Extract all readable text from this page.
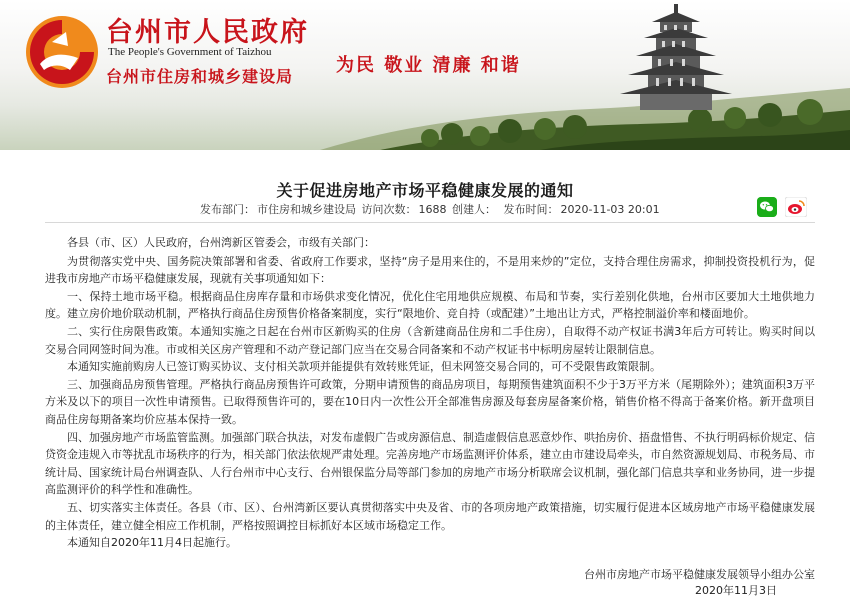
台州市人民政府
The People's Government of Taizhou
台州市住房和城乡建设局
为民 敬业 清廉 和谐
关于促进房地产市场平稳健康发展的通知
发布部门： 市住房和城乡建设局 访问次数： 1688 创建人： 发布时间： 2020-11-03 20:01

各县（市、区）人民政府，台州湾新区管委会，市级有关部门：

为贯彻落实党中央、国务院决策部署和省委、省政府工作要求，坚持“房子是用来住的，不是用来炒的”定位，支持合理住房需求，抑制投资投机行为，促进我市房地产市场平稳健康发展，现就有关事项通知如下：

一、保持土地市场平稳。根据商品住房库存量和市场供求变化情况，优化住宅用地供应规模、布局和节奏，实行差别化供地，台州市区要加大土地供地力度。建立房价地价联动机制，严格执行商品住房预售价格备案制度，实行“限地价、竞自持（或配建）”土地出让方式，严格控制溢价率和楼面地价。

二、实行住房限售政策。本通知实施之日起在台州市区新购买的住房（含新建商品住房和二手住房），自取得不动产权证书满3年后方可转让。购买时间以交易合同网签时间为准。市或相关区房产管理和不动产登记部门应当在交易合同备案和不动产权证书中标明房屋转让限制信息。

本通知实施前购房人已签订购买协议、支付相关款项并能提供有效转账凭证，但未网签交易合同的，可不受限售政策限制。

三、加强商品房预售管理。严格执行商品房预售许可政策，分期申请预售的商品房项目，每期预售建筑面积不少于3万平方米（尾期除外）；建筑面积3万平方米及以下的项目一次性申请预售。已取得预售许可的，要在10日内一次性公开全部准售房源及每套房屋备案价格，销售价格不得高于备案价格。新开盘项目商品住房每期备案均价应基本保持一致。

四、加强房地产市场监管监测。加强部门联合执法，对发布虚假广告或房源信息、制造虚假信息恶意炒作、哄抬房价、捂盘惜售、不执行明码标价规定、信贷资金违规入市等扰乱市场秩序的行为，相关部门依法依规严肃处理。完善房地产市场监测评价体系，建立由市建设局牵头，市自然资源规划局、市税务局、市统计局、国家统计局台州调查队、人行台州市中心支行、台州银保监分局等部门参加的房地产市场分析联席会议机制，强化部门信息共享和业务协同，进一步提高监测评价的科学性和准确性。

五、切实落实主体责任。各县（市、区）、台州湾新区要认真贯彻落实中央及省、市的各项房地产政策措施，切实履行促进本区域房地产市场平稳健康发展的主体责任，建立健全相应工作机制，严格按照调控目标抓好本区域市场稳定工作。

本通知自2020年11月4日起施行。

台州市房地产市场平稳健康发展领导小组办公室
2020年11月3日
